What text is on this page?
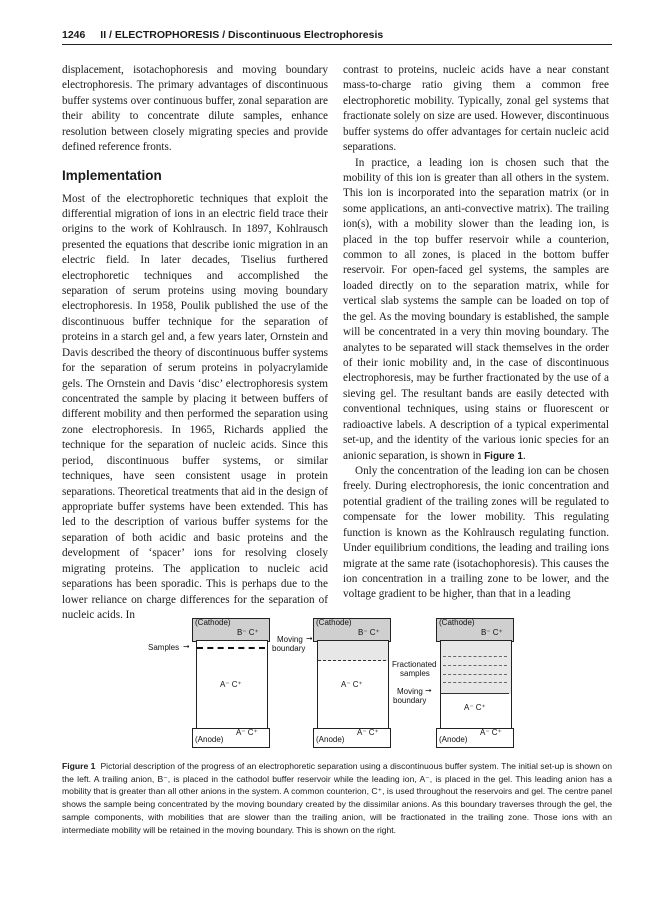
1246 II / ELECTROPHORESIS / Discontinuous Electrophoresis

displacement, isotachophoresis and moving boundary electrophoresis. The primary advantages of discontinuous buffer systems over continuous buffer, zonal separation are their ability to concentrate dilute samples, enhance resolution between closely migrating species and provide defined reference fronts.

Implementation

Most of the electrophoretic techniques that exploit the differential migration of ions in an electric field trace their origins to the work of Kohlrausch. In 1897, Kohlrausch presented the equations that describe ionic migration in an electric field. In later decades, Tiselius furthered electrophoretic techniques and accomplished the separation of serum proteins using moving boundary electrophoresis. In 1958, Poulik published the use of the discontinuous buffer technique for the separation of proteins in a starch gel and, a few years later, Ornstein and Davis described the theory of discontinuous buffer systems for the separation of serum proteins in polyacrylamide gels. The Ornstein and Davis ‘disc’ electrophoresis system concentrated the sample by placing it between buffers of different mobility and then performed the separation using zone electrophoresis. In 1965, Richards applied the technique for the separation of nucleic acids. Since this period, discontinuous buffer systems, or similar techniques, have seen consistent usage in protein separations. Theoretical treatments that aid in the design of appropriate buffer systems have been extended. This has led to the description of various buffer systems for the separation of both acidic and basic proteins and the development of ‘spacer’ ions for resolving closely migrating proteins. The application to nucleic acid separations has been sporadic. This is perhaps due to the lower reliance on charge differences for the separation of nucleic acids. In

contrast to proteins, nucleic acids have a near constant mass-to-charge ratio giving them a common free electrophoretic mobility. Typically, zonal gel systems that fractionate solely on size are used. However, discontinuous buffer systems do offer advantages for certain nucleic acid separations.

In practice, a leading ion is chosen such that the mobility of this ion is greater than all others in the system. This ion is incorporated into the separation matrix (or in some applications, an anti-convective matrix). The trailing ion(s), with a mobility slower than the leading ion, is placed in the top buffer reservoir while a counterion, common to all zones, is placed in the bottom buffer reservoir. For open-faced gel systems, the samples are loaded directly on to the separation matrix, while for vertical slab systems the sample can be loaded on top of the gel. As the moving boundary is established, the sample will be concentrated in a very thin moving boundary. The analytes to be separated will stack themselves in the order of their ionic mobility and, in the case of discontinuous electrophoresis, may be further fractionated by the use of a sieving gel. The resultant bands are easily detected with conventional techniques, using stains or fluorescent or radioactive labels. A description of a typical experimental set-up, and the identity of the various ionic species for an anionic separation, is shown in Figure 1.

Only the concentration of the leading ion can be chosen freely. During electrophoresis, the ionic concentration and potential gradient of the trailing zones will be regulated to compensate for the lower mobility. This regulating function is known as the Kohlrausch regulating function. Under equilibrium conditions, the leading and trailing ions migrate at the same rate (isotachophoresis). This causes the ion concentration in a trailing zone to be lower, and the voltage gradient to be higher, than that in a leading

(Cathode)
B⁻ C⁺
A⁻ C⁺
(Anode)
A⁻ C⁺
Samples ➞
Moving
boundary
➞
(Cathode)
B⁻ C⁺
A⁻ C⁺
(Anode)
A⁻ C⁺
Fractionated
samples
Moving
boundary
➞
(Cathode)
B⁻ C⁺
A⁻ C⁺
(Anode)
A⁻ C⁺
Figure 1 Pictorial description of the progress of an electrophoretic separation using a discontinuous buffer system. The initial set-up is shown on the left. A trailing anion, B⁻, is placed in the cathodol buffer reservoir while the leading ion, A⁻, is placed in the gel. This leading anion has a mobility that is greater than all other anions in the system. A common counterion, C⁺, is used throughout the reservoirs and gel. The centre panel shows the sample being concentrated by the moving boundary created by the dissimilar anions. As this boundary traverses through the gel, the sample components, with mobilities that are slower than the trailing anion, will be fractionated in the trailing zone. Those ions with an intermediate mobility will be retained in the moving boundary. This is shown on the right.
